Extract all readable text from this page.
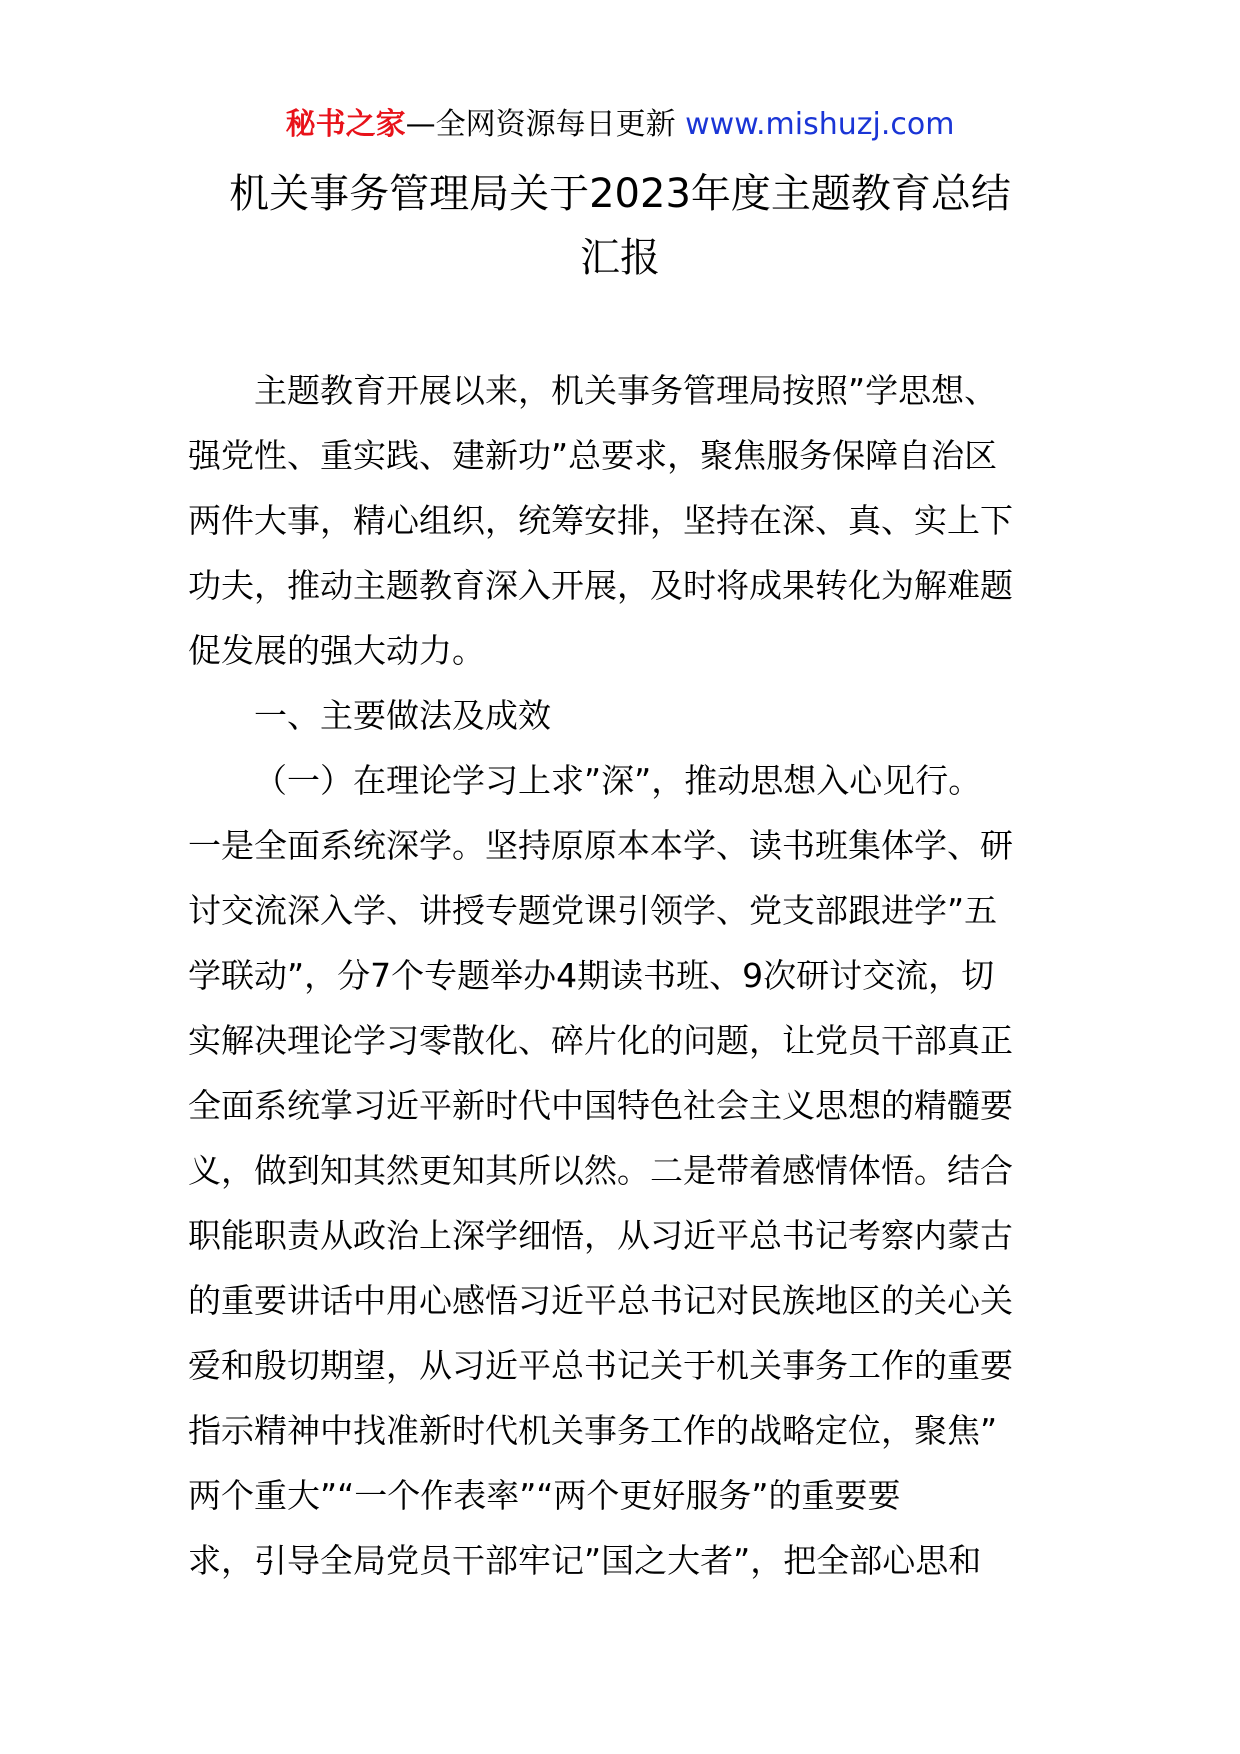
秘书之家—全网资源每日更新 www.mishuzj.com
机关事务管理局关于2023年度主题教育总结
汇报
主题教育开展以来，机关事务管理局按照”学思想、
强党性、重实践、建新功”总要求，聚焦服务保障自治区
两件大事，精心组织，统筹安排，坚持在深、真、实上下
功夫，推动主题教育深入开展，及时将成果转化为解难题
促发展的强大动力。
一、主要做法及成效
（一）在理论学习上求”深”，推动思想入心见行。
一是全面系统深学。坚持原原本本学、读书班集体学、研
讨交流深入学、讲授专题党课引领学、党支部跟进学”五
学联动”，分7个专题举办4期读书班、9次研讨交流，切
实解决理论学习零散化、碎片化的问题，让党员干部真正
全面系统掌习近平新时代中国特色社会主义思想的精髓要
义，做到知其然更知其所以然。二是带着感情体悟。结合
职能职责从政治上深学细悟，从习近平总书记考察内蒙古
的重要讲话中用心感悟习近平总书记对民族地区的关心关
爱和殷切期望，从习近平总书记关于机关事务工作的重要
指示精神中找准新时代机关事务工作的战略定位，聚焦”
两个重大”“一个作表率”“两个更好服务”的重要要
求，引导全局党员干部牢记”国之大者”，把全部心思和
